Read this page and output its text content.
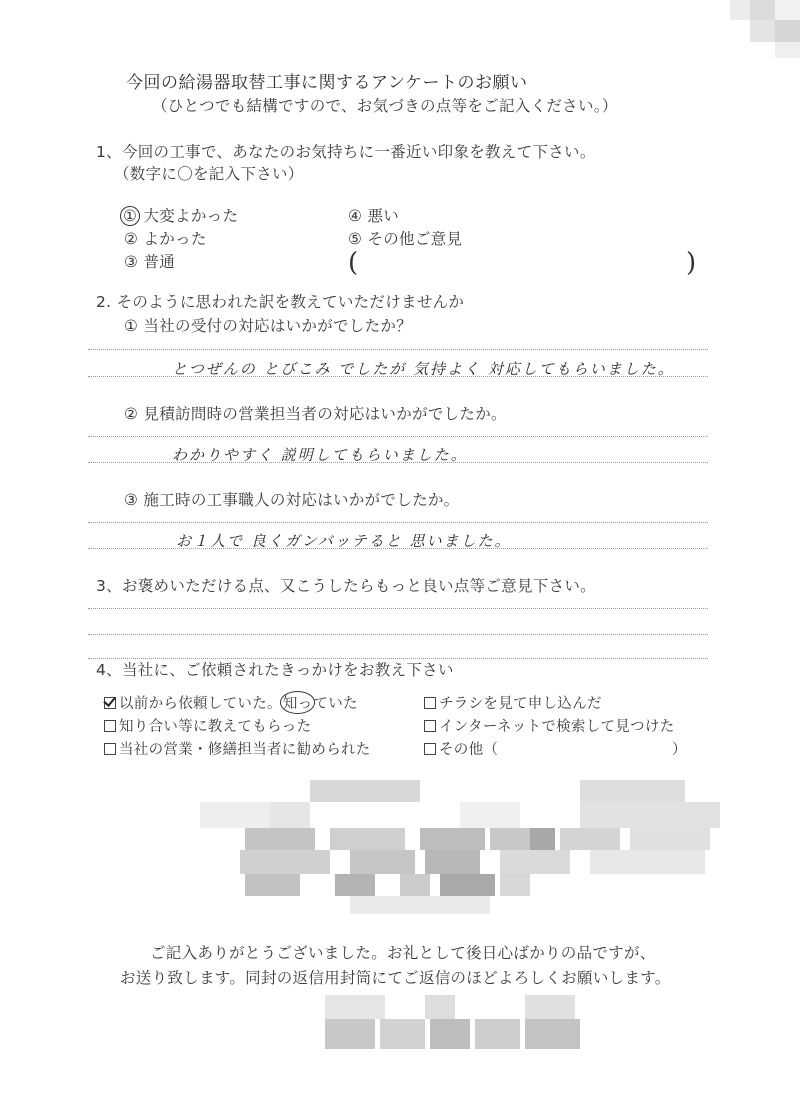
今回の給湯器取替工事に関するアンケートのお願い
（ひとつでも結構ですので、お気づきの点等をご記入ください。）
1、今回の工事で、あなたのお気持ちに一番近い印象を教えて下さい。
（数字に〇を記入下さい）
① 大変よかった
② よかった
③ 普通
④ 悪い
⑤ その他ご意見
(	)
2. そのように思われた訳を教えていただけませんか
① 当社の受付の対応はいかがでしたか？
とつぜんの とびこみ でしたが 気持よく 対応してもらいました。
② 見積訪問時の営業担当者の対応はいかがでしたか。
わかりやすく 説明してもらいました。
③ 施工時の工事職人の対応はいかがでしたか。
お１人で 良くガンバッテると 思いました。
3、お褒めいただける点、又こうしたらもっと良い点等ご意見下さい。
4、当社に、ご依頼されたきっかけをお教え下さい
以前から依頼していた。知っていた
知り合い等に教えてもらった
当社の営業・修繕担当者に勧められた
チラシを見て申し込んだ
インターネットで検索して見つけた
その他（	）
ご記入ありがとうございました。お礼として後日心ばかりの品ですが、
お送り致します。同封の返信用封筒にてご返信のほどよろしくお願いします。
